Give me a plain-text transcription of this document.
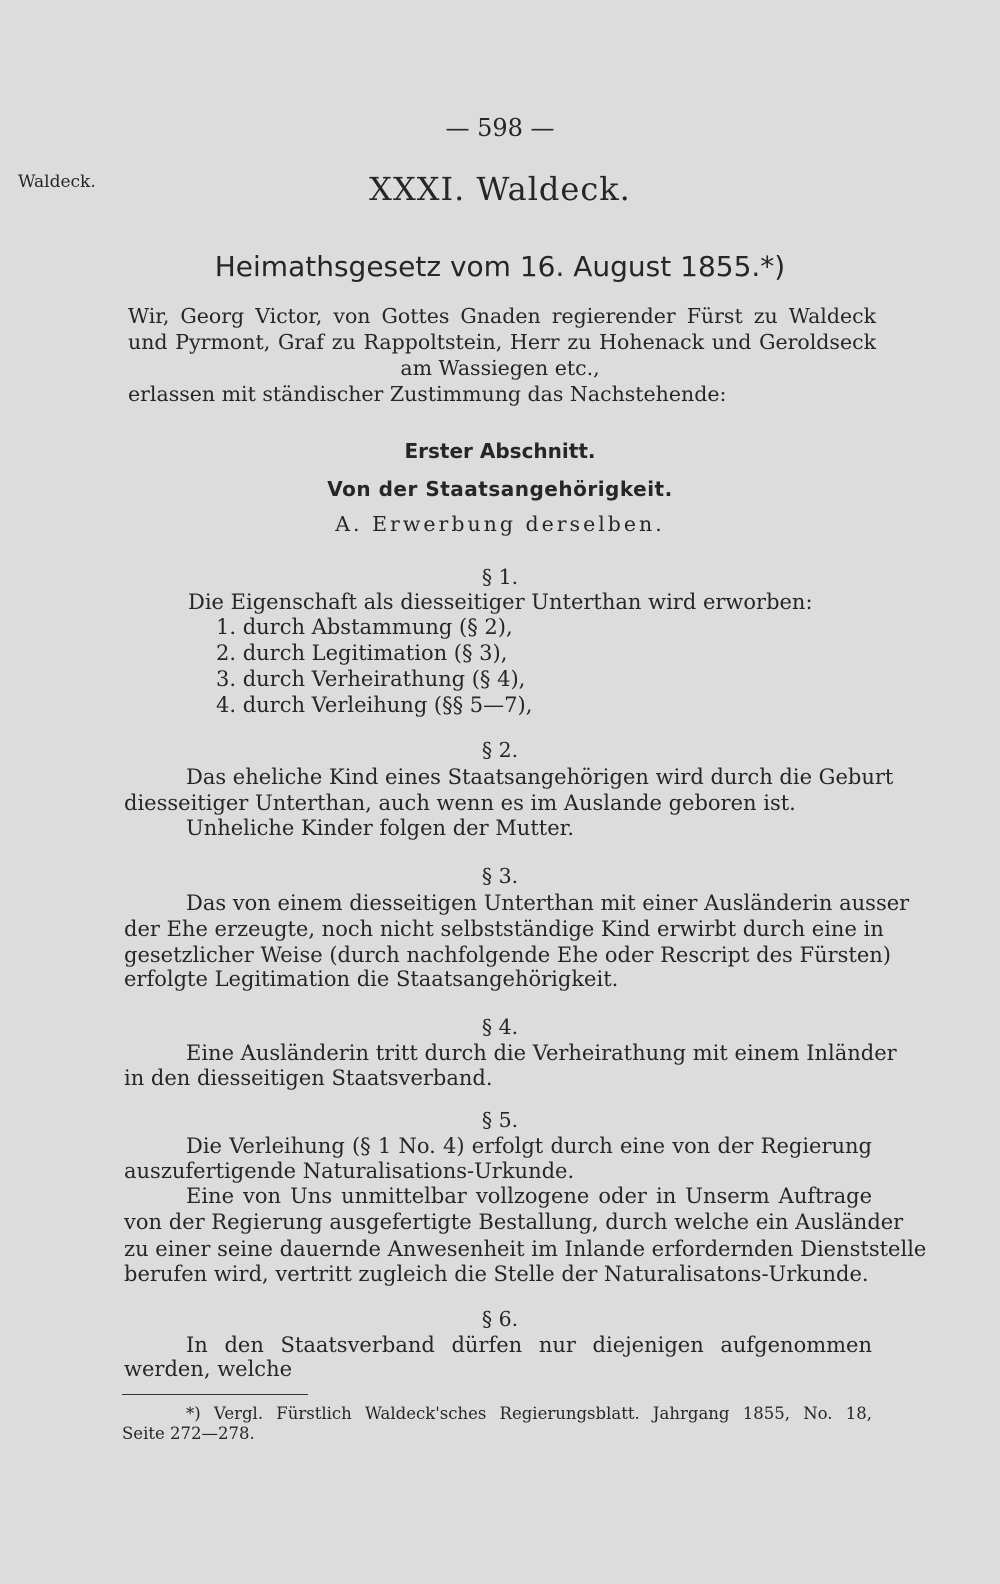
— 598 —
Waldeck.	XXXI. Waldeck.
Heimathsgesetz vom 16. August 1855.*)
Wir, Georg Victor, von Gottes Gnaden regierender Fürst zu Waldeck
und Pyrmont, Graf zu Rappoltstein, Herr zu Hohenack und Geroldseck
am Wassiegen etc.,
erlassen mit ständischer Zustimmung das Nachstehende:
Erster Abschnitt.
Von der Staatsangehörigkeit.
A. Erwerbung derselben.
§ 1.
Die Eigenschaft als diesseitiger Unterthan wird erworben:
1. durch Abstammung (§ 2),
2. durch Legitimation (§ 3),
3. durch Verheirathung (§ 4),
4. durch Verleihung (§§ 5—7),
§ 2.
Das eheliche Kind eines Staatsangehörigen wird durch die Geburt
diesseitiger Unterthan, auch wenn es im Auslande geboren ist.
Unheliche Kinder folgen der Mutter.
§ 3.
Das von einem diesseitigen Unterthan mit einer Ausländerin ausser
der Ehe erzeugte, noch nicht selbstständige Kind erwirbt durch eine in
gesetzlicher Weise (durch nachfolgende Ehe oder Rescript des Fürsten)
erfolgte Legitimation die Staatsangehörigkeit.
§ 4.
Eine Ausländerin tritt durch die Verheirathung mit einem Inländer
in den diesseitigen Staatsverband.
§ 5.
Die Verleihung (§ 1 No. 4) erfolgt durch eine von der Regierung
auszufertigende Naturalisations-Urkunde.
Eine von Uns unmittelbar vollzogene oder in Unserm Auftrage
von der Regierung ausgefertigte Bestallung, durch welche ein Ausländer
zu einer seine dauernde Anwesenheit im Inlande erfordernden Dienststelle
berufen wird, vertritt zugleich die Stelle der Naturalisatons-Urkunde.
§ 6.
In den Staatsverband dürfen nur diejenigen aufgenommen
werden, welche
*) Vergl. Fürstlich Waldeck'sches Regierungsblatt. Jahrgang 1855, No. 18,
Seite 272—278.
